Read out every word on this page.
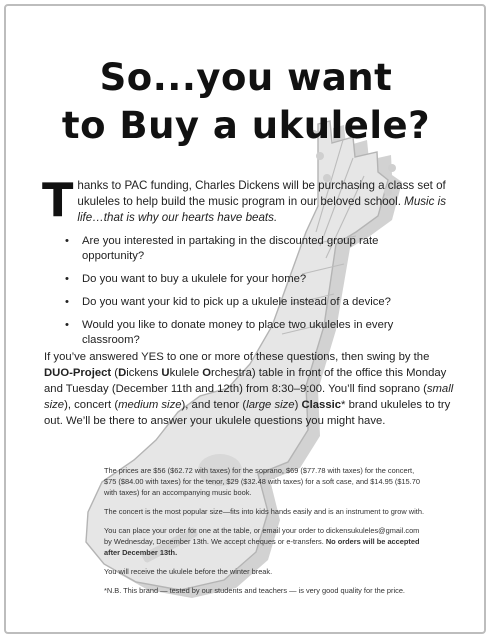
So...you want
to Buy a ukulele?
Thanks to PAC funding, Charles Dickens will be purchasing a class set of ukuleles to help build the music program in our beloved school. Music is life…that is why our hearts have beats.
• Are you interested in partaking in the discounted group rate opportunity?
• Do you want to buy a ukulele for your home?
• Do you want your kid to pick up a ukulele instead of a device?
• Would you like to donate money to place two ukuleles in every classroom?
If you’ve answered YES to one or more of these questions, then swing by the DUO-Project (Dickens Ukulele Orchestra) table in front of the office this Monday and Tuesday (December 11th and 12th) from 8:30–9:00. You’ll find soprano (small size), concert (medium size), and tenor (large size) Classic* brand ukuleles to try out. We’ll be there to answer your ukulele questions you might have.

The prices are $56 ($62.72 with taxes) for the soprano, $69 ($77.78 with taxes) for the concert, $75 ($84.00 with taxes) for the tenor, $29 ($32.48 with taxes) for a soft case, and $14.95 ($15.70 with taxes) for an accompanying music book.

The concert is the most popular size—fits into kids hands easily and is an instrument to grow with.

You can place your order for one at the table, or email your order to dickensukuleles@gmail.com by Wednesday, December 13th. We accept cheques or e-transfers. No orders will be accepted after December 13th.

You will receive the ukulele before the winter break.

*N.B. This brand — tested by our students and teachers — is very good quality for the price.
